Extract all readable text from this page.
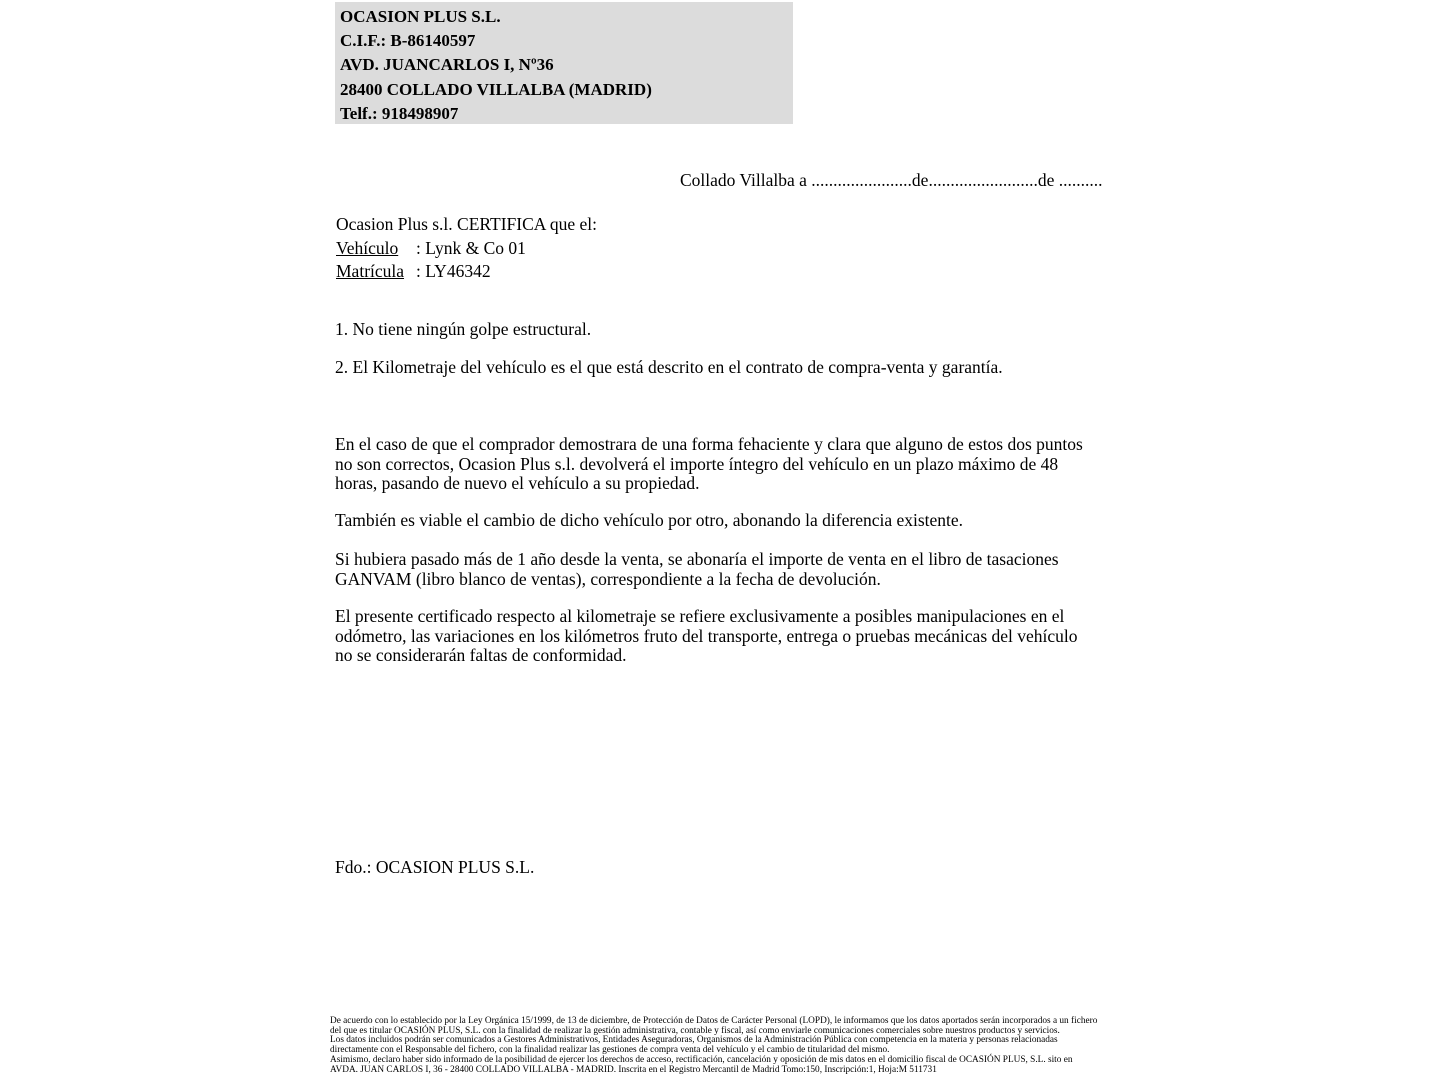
OCASION PLUS S.L.
C.I.F.: B-86140597
AVD. JUANCARLOS I, Nº36
28400 COLLADO VILLALBA (MADRID)
Telf.: 918498907
Collado Villalba a .......................de.........................de ..........
Ocasion Plus s.l. CERTIFICA que el:
Vehículo : Lynk & Co 01
Matrícula : LY46342
1. No tiene ningún golpe estructural.
2. El Kilometraje del vehículo es el que está descrito en el contrato de compra-venta y garantía.
En el caso de que el comprador demostrara de una forma fehaciente y clara que alguno de estos dos puntos no son correctos, Ocasion Plus s.l. devolverá el importe íntegro del vehículo en un plazo máximo de 48 horas, pasando de nuevo el vehículo a su propiedad.
También es viable el cambio de dicho vehículo por otro, abonando la diferencia existente.
Si hubiera pasado más de 1 año desde la venta, se abonaría el importe de venta en el libro de tasaciones GANVAM (libro blanco de ventas), correspondiente a la fecha de devolución.
El presente certificado respecto al kilometraje se refiere exclusivamente a posibles manipulaciones en el odómetro, las variaciones en los kilómetros fruto del transporte, entrega o pruebas mecánicas del vehículo no se considerarán faltas de conformidad.
Fdo.: OCASION PLUS S.L.
De acuerdo con lo establecido por la Ley Orgánica 15/1999, de 13 de diciembre, de Protección de Datos de Carácter Personal (LOPD), le informamos que los datos aportados serán incorporados a un fichero del que es titular OCASIÓN PLUS, S.L. con la finalidad de realizar la gestión administrativa, contable y fiscal, así como enviarle comunicaciones comerciales sobre nuestros productos y servicios.
Los datos incluidos podrán ser comunicados a Gestores Administrativos, Entidades Aseguradoras, Organismos de la Administración Pública con competencia en la materia y personas relacionadas directamente con el Responsable del fichero, con la finalidad realizar las gestiones de compra venta del vehículo y el cambio de titularidad del mismo.
Asimismo, declaro haber sido informado de la posibilidad de ejercer los derechos de acceso, rectificación, cancelación y oposición de mis datos en el domicilio fiscal de OCASIÓN PLUS, S.L. sito en AVDA. JUAN CARLOS I, 36 - 28400 COLLADO VILLALBA - MADRID. Inscrita en el Registro Mercantil de Madrid Tomo:150, Inscripción:1, Hoja:M 511731
